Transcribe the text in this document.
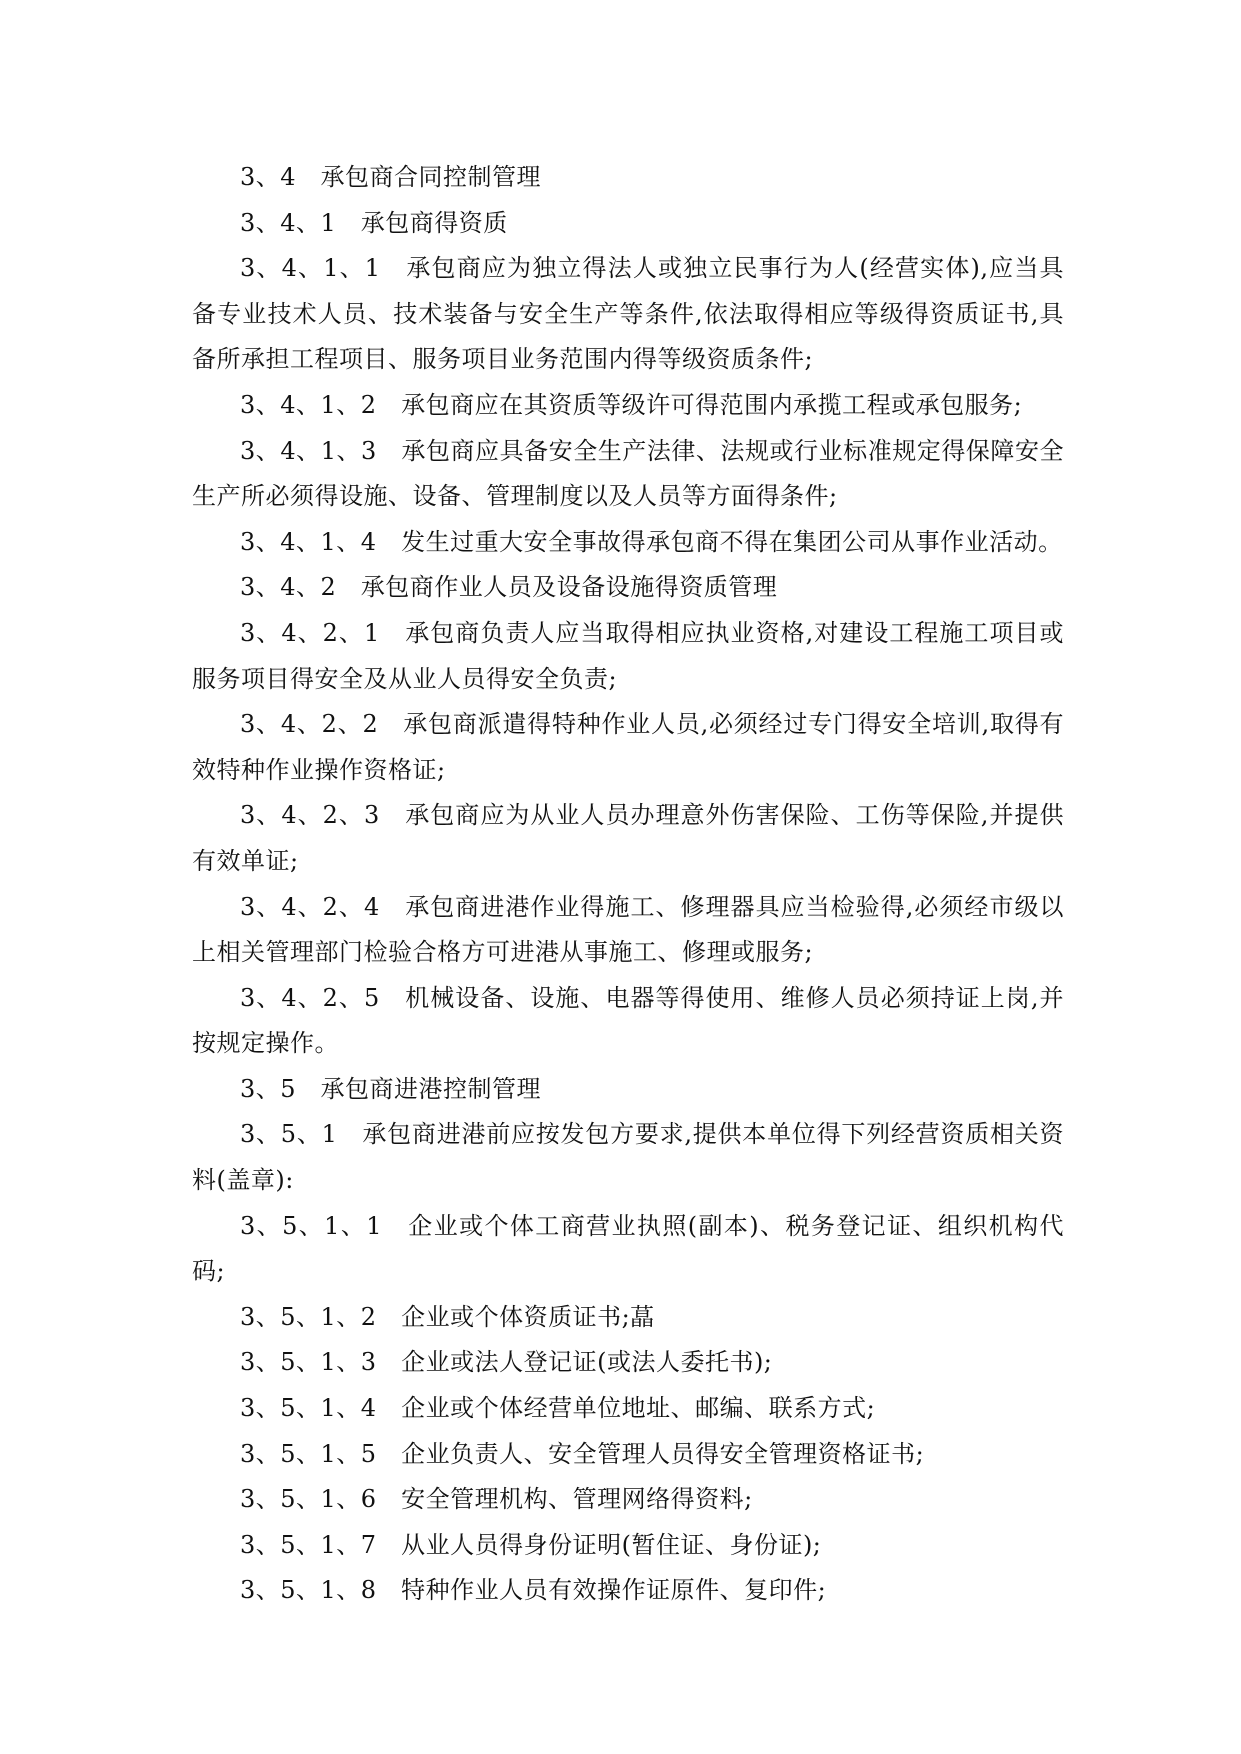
3、4　承包商合同控制管理

3、4、1　承包商得资质

3、4、1、1　承包商应为独立得法人或独立民事行为人(经营实体),应当具备专业技术人员、技术装备与安全生产等条件,依法取得相应等级得资质证书,具备所承担工程项目、服务项目业务范围内得等级资质条件;

3、4、1、2　承包商应在其资质等级许可得范围内承揽工程或承包服务;

3、4、1、3　承包商应具备安全生产法律、法规或行业标准规定得保障安全生产所必须得设施、设备、管理制度以及人员等方面得条件;

3、4、1、4　发生过重大安全事故得承包商不得在集团公司从事作业活动。

3、4、2　承包商作业人员及设备设施得资质管理

3、4、2、1　承包商负责人应当取得相应执业资格,对建设工程施工项目或服务项目得安全及从业人员得安全负责;

3、4、2、2　承包商派遣得特种作业人员,必须经过专门得安全培训,取得有效特种作业操作资格证;

3、4、2、3　承包商应为从业人员办理意外伤害保险、工伤等保险,并提供有效单证;

3、4、2、4　承包商进港作业得施工、修理器具应当检验得,必须经市级以上相关管理部门检验合格方可进港从事施工、修理或服务;

3、4、2、5　机械设备、设施、电器等得使用、维修人员必须持证上岗,并按规定操作。

3、5　承包商进港控制管理

3、5、1　承包商进港前应按发包方要求,提供本单位得下列经营资质相关资料(盖章):

3、5、1、1　企业或个体工商营业执照(副本)、税务登记证、组织机构代码;

3、5、1、2　企业或个体资质证书;蕌

3、5、1、3　企业或法人登记证(或法人委托书);

3、5、1、4　企业或个体经营单位地址、邮编、联系方式;

3、5、1、5　企业负责人、安全管理人员得安全管理资格证书;

3、5、1、6　安全管理机构、管理网络得资料;

3、5、1、7　从业人员得身份证明(暂住证、身份证);

3、5、1、8　特种作业人员有效操作证原件、复印件;
